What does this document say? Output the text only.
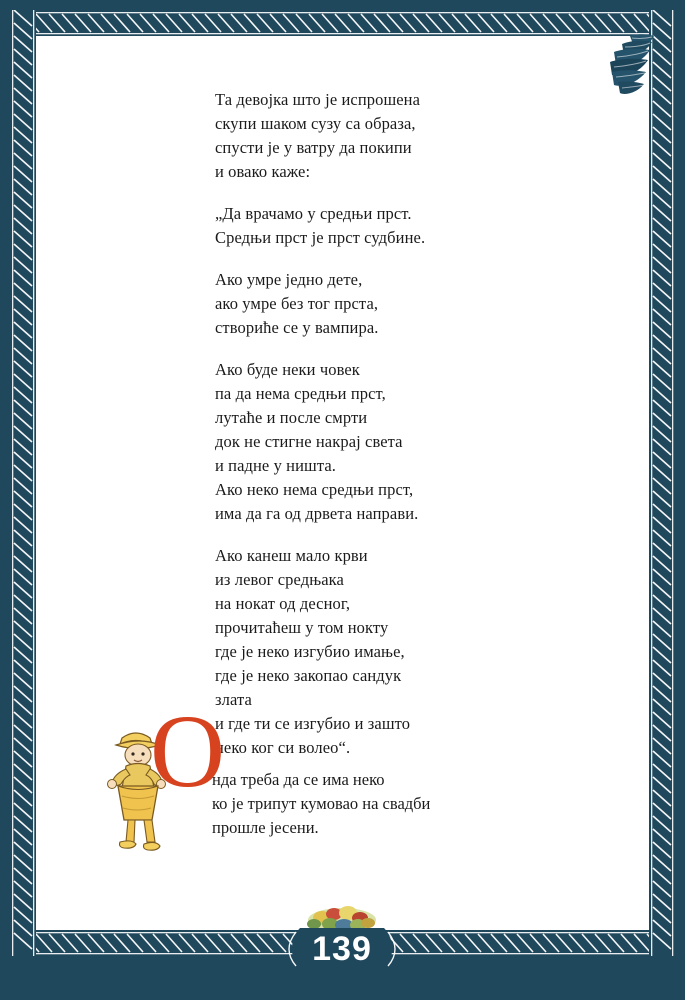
Та девојка што је испрошена
скупи шаком сузу са образа,
спусти је у ватру да покипи
и овако каже:
„Да врачамо у средњи прст.
Средњи прст је прст судбине.
Ако умре једно дете,
ако умре без тог прста,
створиће се у вампира.
Ако буде неки човек
па да нема средњи прст,
лутаће и после смрти
док не стигне накрај света
и падне у ништа.
Ако неко нема средњи прст,
има да га од дрвета направи.
Ако канеш мало крви
из левог средњака
на нокат од десног,
прочитаћеш у том нокту
где је неко изгубио имање,
где је неко закопао сандук
злата
и где ти се изгубио и зашто
неко ког си волео“.
О
нда треба да се има неко
ко је трипут кумовао на свадби
прошле јесени.
139
